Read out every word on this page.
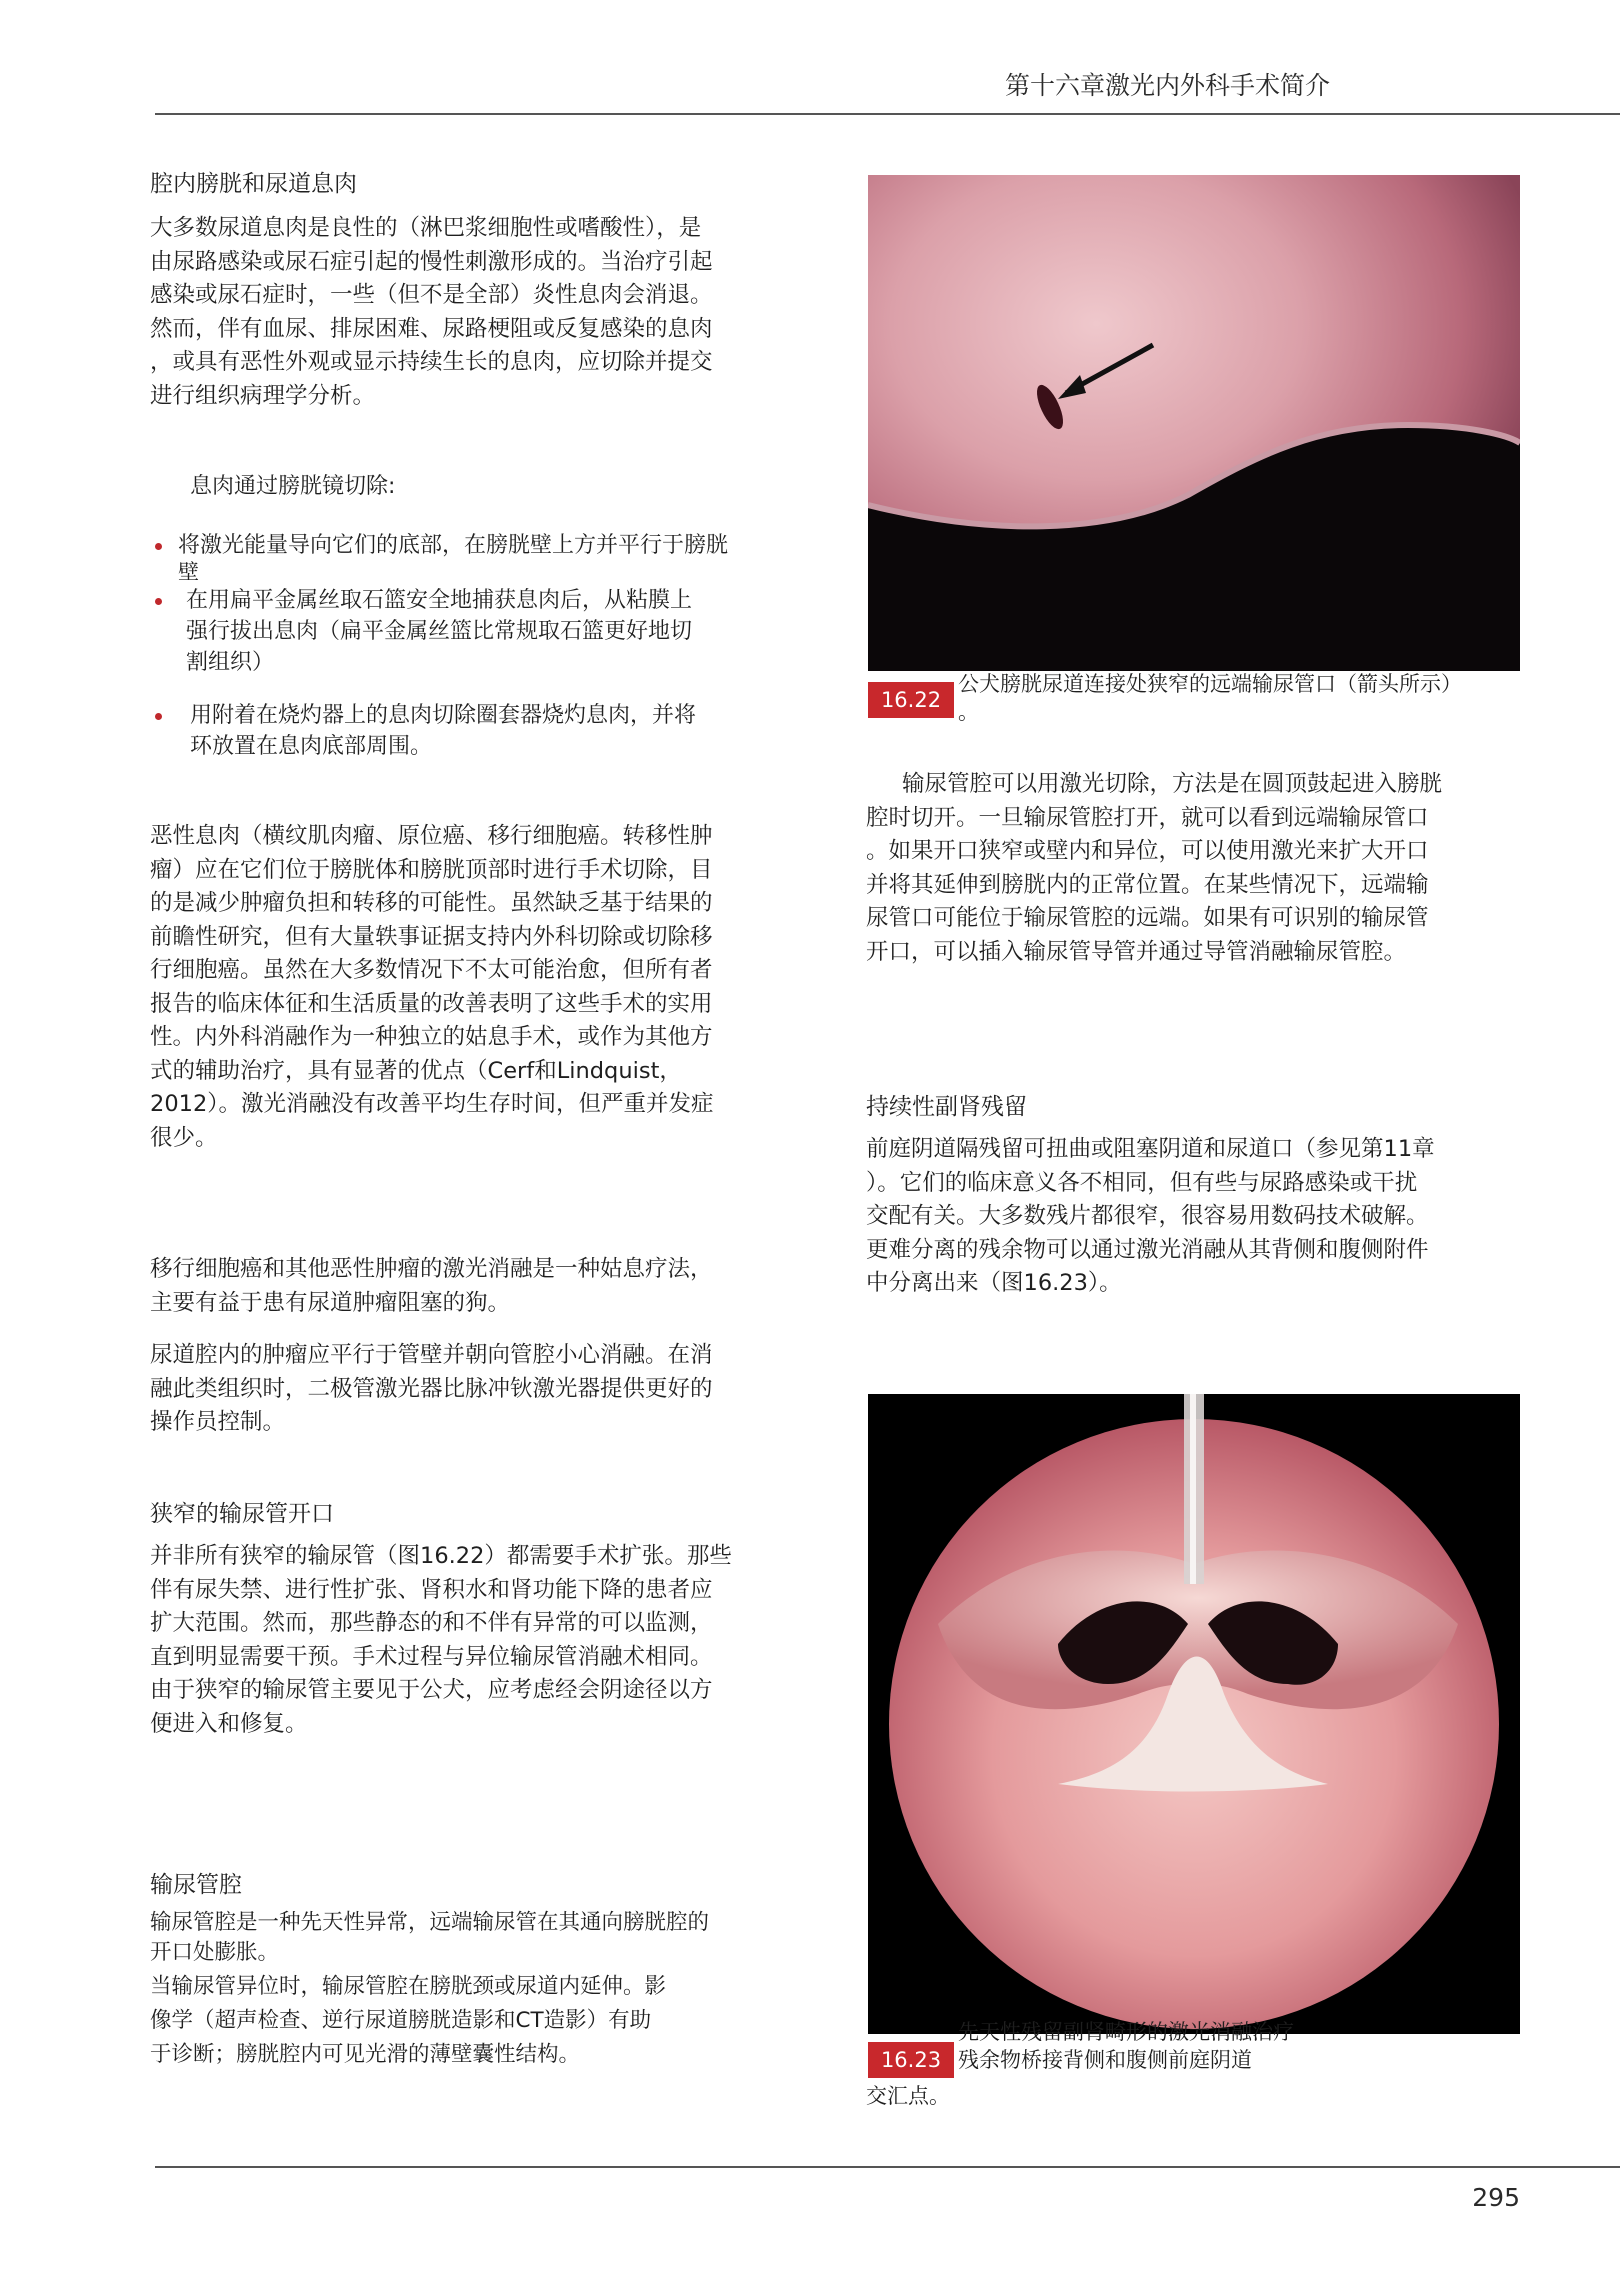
第十六章激光内外科手术简介
腔内膀胱和尿道息肉
大多数尿道息肉是良性的（淋巴浆细胞性或嗜酸性），是
由尿路感染或尿石症引起的慢性刺激形成的。当治疗引起
感染或尿石症时，一些（但不是全部）炎性息肉会消退。
然而，伴有血尿、排尿困难、尿路梗阻或反复感染的息肉
，或具有恶性外观或显示持续生长的息肉，应切除并提交
进行组织病理学分析。
息肉通过膀胱镜切除:
将激光能量导向它们的底部，在膀胱壁上方并平行于膀胱
壁
在用扁平金属丝取石篮安全地捕获息肉后，从粘膜上
强行拔出息肉（扁平金属丝篮比常规取石篮更好地切
割组织）
用附着在烧灼器上的息肉切除圈套器烧灼息肉，并将
环放置在息肉底部周围。
恶性息肉（横纹肌肉瘤、原位癌、移行细胞癌。转移性肿
瘤）应在它们位于膀胱体和膀胱顶部时进行手术切除，目
的是减少肿瘤负担和转移的可能性。虽然缺乏基于结果的
前瞻性研究，但有大量轶事证据支持内外科切除或切除移
行细胞癌。虽然在大多数情况下不太可能治愈，但所有者
报告的临床体征和生活质量的改善表明了这些手术的实用
性。内外科消融作为一种独立的姑息手术，或作为其他方
式的辅助治疗，具有显著的优点（Cerf和Lindquist，
2012）。激光消融没有改善平均生存时间，但严重并发症
很少。
移行细胞癌和其他恶性肿瘤的激光消融是一种姑息疗法，
主要有益于患有尿道肿瘤阻塞的狗。
尿道腔内的肿瘤应平行于管壁并朝向管腔小心消融。在消
融此类组织时，二极管激光器比脉冲钬激光器提供更好的
操作员控制。
狭窄的输尿管开口
并非所有狭窄的输尿管（图16.22）都需要手术扩张。那些
伴有尿失禁、进行性扩张、肾积水和肾功能下降的患者应
扩大范围。然而，那些静态的和不伴有异常的可以监测，
直到明显需要干预。手术过程与异位输尿管消融术相同。
由于狭窄的输尿管主要见于公犬，应考虑经会阴途径以方
便进入和修复。
输尿管腔
输尿管腔是一种先天性异常，远端输尿管在其通向膀胱腔的
开口处膨胀。
当输尿管异位时，输尿管腔在膀胱颈或尿道内延伸。影
像学（超声检查、逆行尿道膀胱造影和CT造影）有助
于诊断；膀胱腔内可见光滑的薄壁囊性结构。
16.22
公犬膀胱尿道连接处狭窄的远端输尿管口（箭头所示）
。
输尿管腔可以用激光切除，方法是在圆顶鼓起进入膀胱
腔时切开。一旦输尿管腔打开，就可以看到远端输尿管口
。如果开口狭窄或壁内和异位，可以使用激光来扩大开口
并将其延伸到膀胱内的正常位置。在某些情况下，远端输
尿管口可能位于输尿管腔的远端。如果有可识别的输尿管
开口，可以插入输尿管导管并通过导管消融输尿管腔。
持续性副肾残留
前庭阴道隔残留可扭曲或阻塞阴道和尿道口（参见第11章
）。它们的临床意义各不相同，但有些与尿路感染或干扰
交配有关。大多数残片都很窄，很容易用数码技术破解。
更难分离的残余物可以通过激光消融从其背侧和腹侧附件
中分离出来（图16.23）。
16.23
先天性残留副肾畸形的激光消融治疗
残余物桥接背侧和腹侧前庭阴道
交汇点。
295
